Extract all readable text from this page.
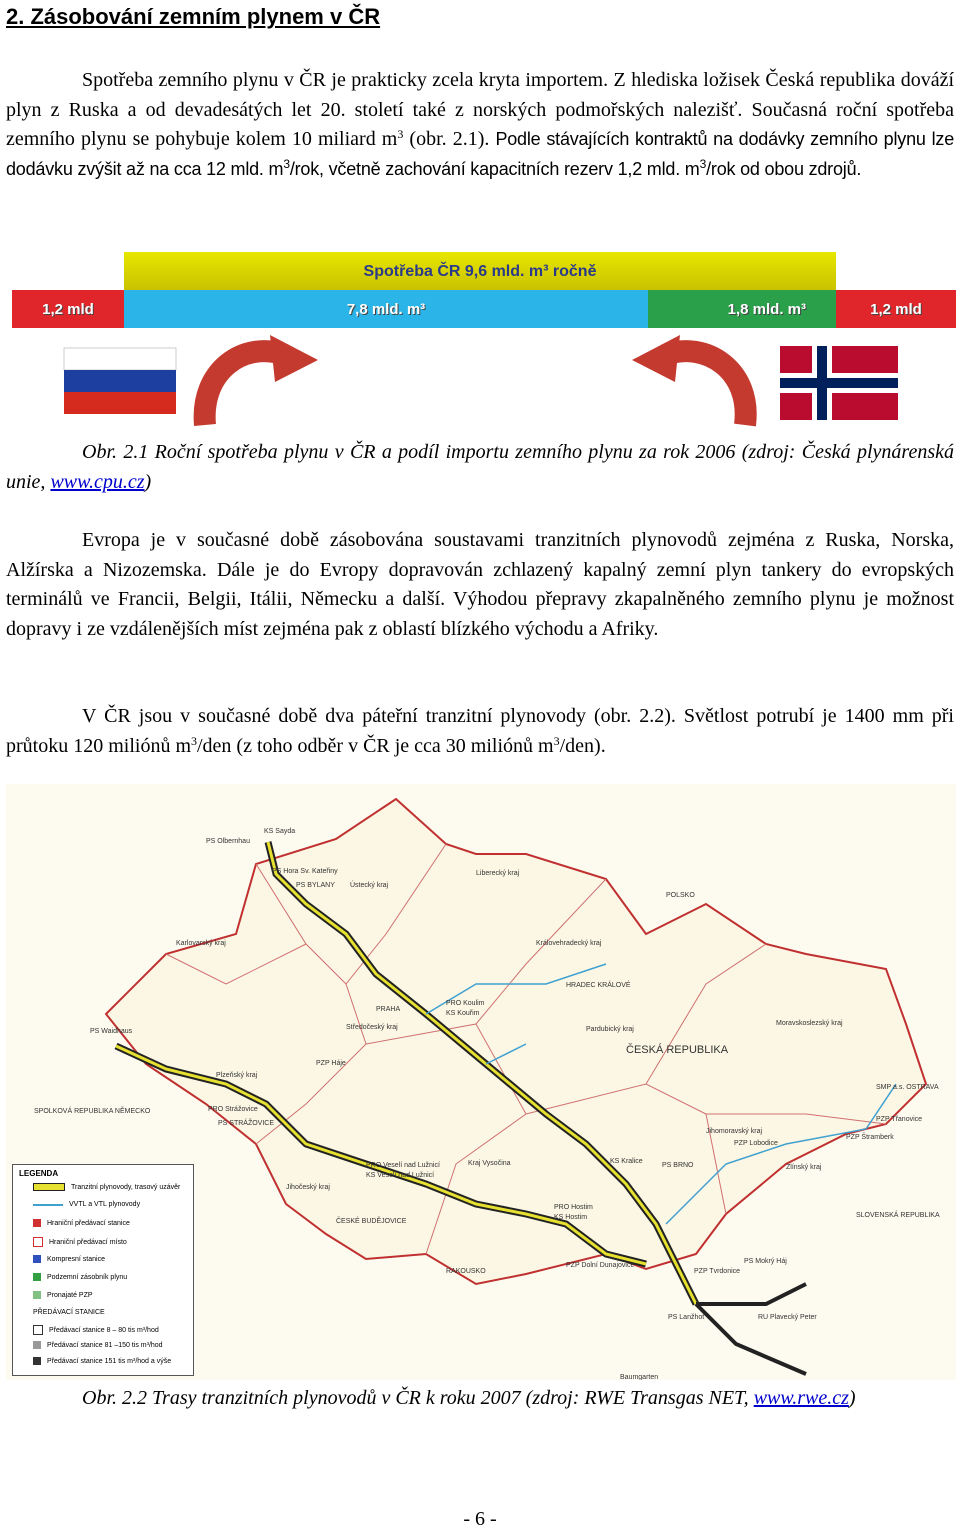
2. Zásobování zemním plynem v ČR

Spotřeba zemního plynu v ČR je prakticky zcela kryta importem. Z hlediska ložisek Česká republika dováží plyn z Ruska a od devadesátých let 20. století také z norských podmořských nalezišť. Současná roční spotřeba zemního plynu se pohybuje kolem 10 miliard $m^3$ (obr. 2.1). Podle stávajících kontraktů na dodávky zemního plynu lze dodávku zvýšit až na cca 12 mld. $m^3$/rok, včetně zachování kapacitních rezerv 1,2 mld. $m^3$/rok od obou zdrojů.

Spotřeba ČR 9,6 mld. m³ ročně
1,2 mld	7,8 mld. m³	1,8 mld. m³	1,2 mld

Obr. 2.1 Roční spotřeba plynu v ČR a podíl importu zemního plynu za rok 2006 (zdroj: Česká plynárenská unie, www.cpu.cz)

Evropa je v současné době zásobována soustavami tranzitních plynovodů zejména z Ruska, Norska, Alžírska a Nizozemska. Dále je do Evropy dopravován zchlazený kapalný zemní plyn tankery do evropských terminálů ve Francii, Belgii, Itálii, Německu a další. Výhodou přepravy zkapalněného zemního plynu je možnost dopravy i ze vzdálenějších míst zejména pak z oblastí blízkého východu a Afriky.

V ČR jsou v současné době dva páteřní tranzitní plynovody (obr. 2.2). Světlost potrubí je 1400 mm při průtoku 120 miliónů $m^3$/den (z toho odběr v ČR je cca 30 miliónů $m^3/den$).

POLSKO
SPOLKOVÁ REPUBLIKA NĚMECKO
ČESKÁ REPUBLIKA
SLOVENSKÁ REPUBLIKA
RAKOUSKO
Liberecký kraj
Ústecký kraj
Karlovarský kraj	Královehradecký kraj
Středočeský kraj	Pardubický kraj
Plzeňský kraj
Moravskoslezský kraj
Kraj Vysočina
Jihočeský kraj
Jihomoravský kraj
Zlínský kraj
KS Sayda
PS Olbernhau
PS Hora Sv. Kateřiny
PS BYLANY
PS Waidhaus
PS STRÁŽOVICE
PRO Koulim
KS Kouřim
PRO Strážovice
PRO Veselí nad Lužnicí
KS Veselí nad Lužnicí
PRO Hostim
KS Hostim
KS Kralice
PZP Háje
PZP Lobodice
PZP Štramberk
PZP Třanovice
PZP Dolní Dunajovice
PZP Tvrdonice
Baumgarten
PS Lanžhot	RU Plavecký Peter
PS Mokrý Háj
ČESKÉ BUDĚJOVICE
HRADEC KRÁLOVÉ
PRAHA
PS BRNO
SMP a.s. OSTRAVA
LEGENDA
Tranzitní plynovody, trasový uzávěr
VVTL a VTL plynovody
Hraniční předávací stanice
Hraniční předávací místo
Kompresní stanice
Podzemní zásobník plynu
Pronajaté PZP
PŘEDÁVACÍ STANICE
Předávací stanice 8 – 80 tis m³/hod
Předávací stanice 81 –150 tis m³/hod
Předávací stanice 151 tis m³/hod a výše

Obr. 2.2 Trasy tranzitních plynovodů v ČR k roku 2007 (zdroj: RWE Transgas NET, www.rwe.cz)

- 6 -
